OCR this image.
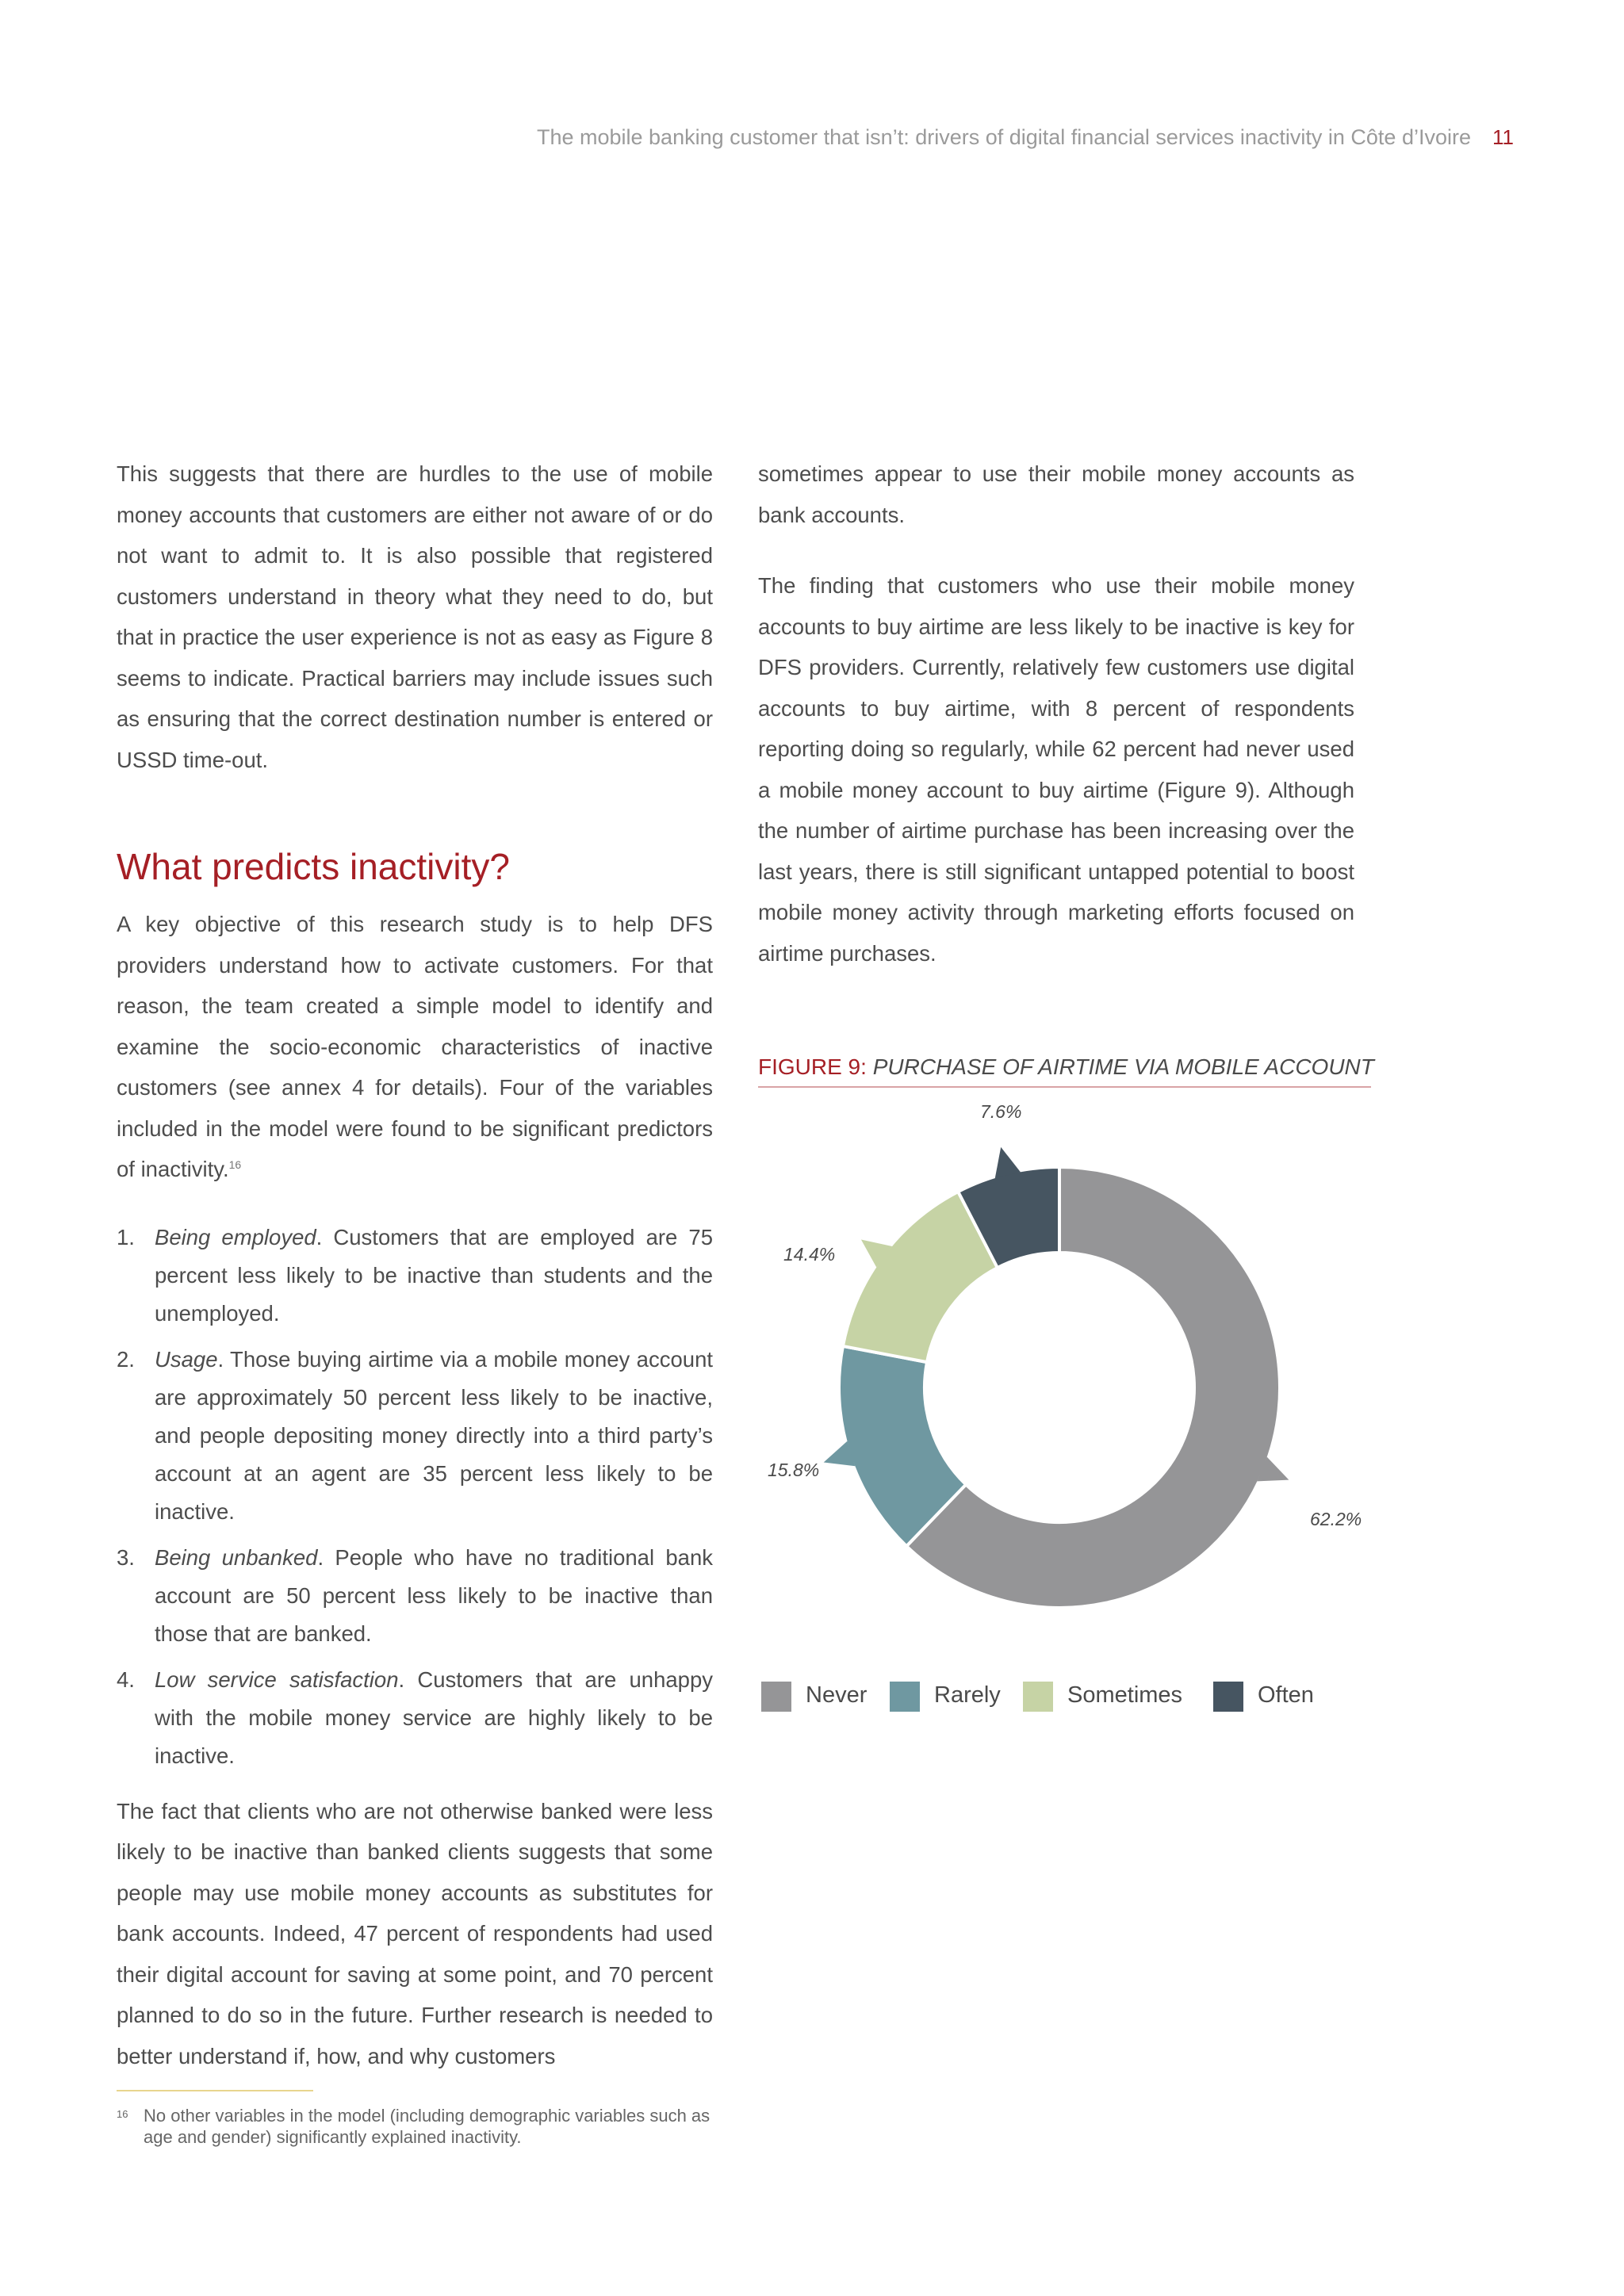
The mobile banking customer that isn’t: drivers of digital financial services inactivity in Côte d’Ivoire 11

This suggests that there are hurdles to the use of mobile money accounts that customers are either not aware of or do not want to admit to. It is also possible that registered customers understand in theory what they need to do, but that in practice the user experience is not as easy as Figure 8 seems to indicate. Practical barriers may include issues such as ensuring that the correct destination number is entered or USSD time-out.

What predicts inactivity?

A key objective of this research study is to help DFS providers understand how to activate customers. For that reason, the team created a simple model to identify and examine the socio-economic characteristics of inactive customers (see annex 4 for details). Four of the variables included in the model were found to be significant predictors of inactivity.$^{16}$

1. Being employed. Customers that are employed are 75 percent less likely to be inactive than students and the unemployed.
2. Usage. Those buying airtime via a mobile money account are approximately 50 percent less likely to be inactive, and people depositing money directly into a third party’s account at an agent are 35 percent less likely to be inactive.
3. Being unbanked. People who have no traditional bank account are 50 percent less likely to be inactive than those that are banked.
4. Low service satisfaction. Customers that are unhappy with the mobile money service are highly likely to be inactive.

The fact that clients who are not otherwise banked were less likely to be inactive than banked clients suggests that some people may use mobile money accounts as substitutes for bank accounts. Indeed, 47 percent of respondents had used their digital account for saving at some point, and 70 percent planned to do so in the future. Further research is needed to better understand if, how, and why customers

sometimes appear to use their mobile money accounts as bank accounts.

The finding that customers who use their mobile money accounts to buy airtime are less likely to be inactive is key for DFS providers. Currently, relatively few customers use digital accounts to buy airtime, with 8 percent of respondents reporting doing so regularly, while 62 percent had never used a mobile money account to buy airtime (Figure 9). Although the number of airtime purchase has been increasing over the last years, there is still significant untapped potential to boost mobile money activity through marketing efforts focused on airtime purchases.

FIGURE 9: PURCHASE OF AIRTIME VIA MOBILE ACCOUNT
62.2%
15.8%
14.4%
7.6%
Never	Rarely	Sometimes	Often
16 No other variables in the model (including demographic variables such as age and gender) significantly explained inactivity.
